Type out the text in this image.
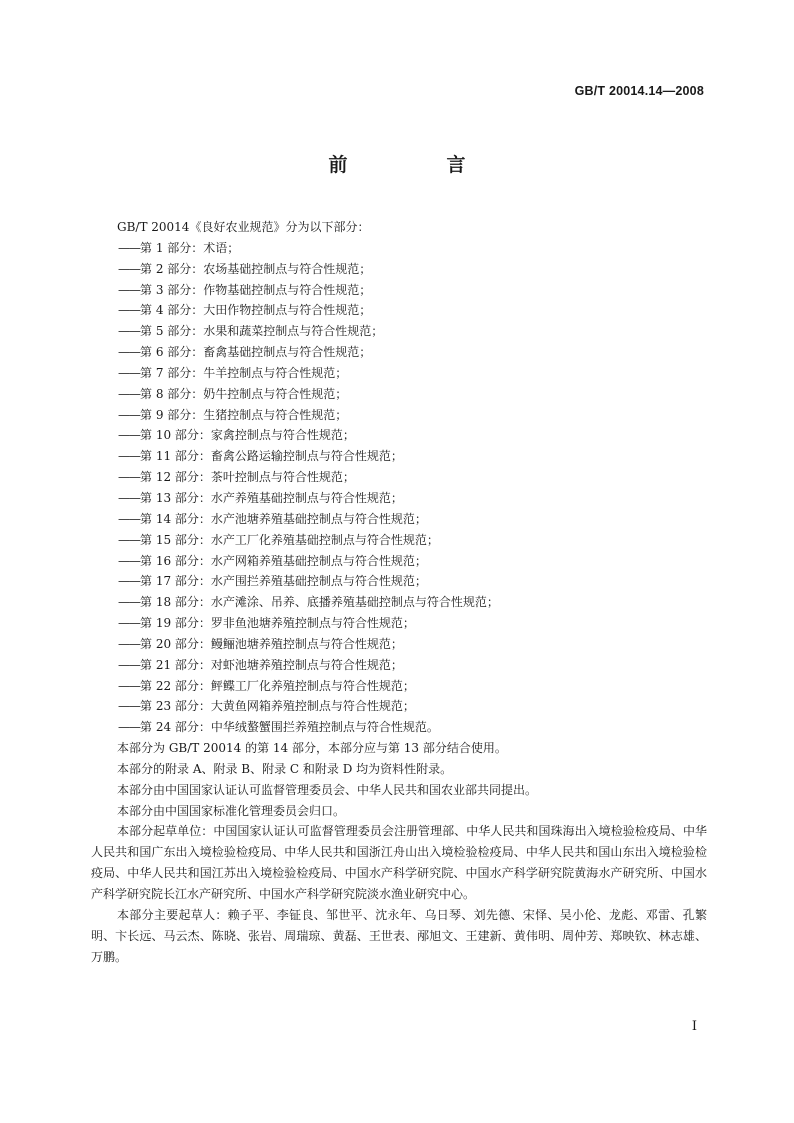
GB/T 20014.14—2008
前　言
GB/T 20014《良好农业规范》分为以下部分：
——第 1 部分：术语；
——第 2 部分：农场基础控制点与符合性规范；
——第 3 部分：作物基础控制点与符合性规范；
——第 4 部分：大田作物控制点与符合性规范；
——第 5 部分：水果和蔬菜控制点与符合性规范；
——第 6 部分：畜禽基础控制点与符合性规范；
——第 7 部分：牛羊控制点与符合性规范；
——第 8 部分：奶牛控制点与符合性规范；
——第 9 部分：生猪控制点与符合性规范；
——第 10 部分：家禽控制点与符合性规范；
——第 11 部分：畜禽公路运输控制点与符合性规范；
——第 12 部分：茶叶控制点与符合性规范；
——第 13 部分：水产养殖基础控制点与符合性规范；
——第 14 部分：水产池塘养殖基础控制点与符合性规范；
——第 15 部分：水产工厂化养殖基础控制点与符合性规范；
——第 16 部分：水产网箱养殖基础控制点与符合性规范；
——第 17 部分：水产围拦养殖基础控制点与符合性规范；
——第 18 部分：水产滩涂、吊养、底播养殖基础控制点与符合性规范；
——第 19 部分：罗非鱼池塘养殖控制点与符合性规范；
——第 20 部分：鳗鲡池塘养殖控制点与符合性规范；
——第 21 部分：对虾池塘养殖控制点与符合性规范；
——第 22 部分：鲆鲽工厂化养殖控制点与符合性规范；
——第 23 部分：大黄鱼网箱养殖控制点与符合性规范；
——第 24 部分：中华绒螯蟹围拦养殖控制点与符合性规范。
本部分为 GB/T 20014 的第 14 部分，本部分应与第 13 部分结合使用。
本部分的附录 A、附录 B、附录 C 和附录 D 均为资料性附录。
本部分由中国国家认证认可监督管理委员会、中华人民共和国农业部共同提出。
本部分由中国国家标准化管理委员会归口。
本部分起草单位：中国国家认证认可监督管理委员会注册管理部、中华人民共和国珠海出入境检验检疫局、中华人民共和国广东出入境检验检疫局、中华人民共和国浙江舟山出入境检验检疫局、中华人民共和国山东出入境检验检疫局、中华人民共和国江苏出入境检验检疫局、中国水产科学研究院、中国水产科学研究院黄海水产研究所、中国水产科学研究院长江水产研究所、中国水产科学研究院淡水渔业研究中心。
本部分主要起草人：赖子平、李钲良、邹世平、沈永年、乌日琴、刘先德、宋怿、吴小伦、龙彪、邓雷、孔繁明、卞长远、马云杰、陈晓、张岩、周瑞琼、黄磊、王世表、邴旭文、王建新、黄伟明、周仲芳、郑映钦、林志雄、万鹏。
I
